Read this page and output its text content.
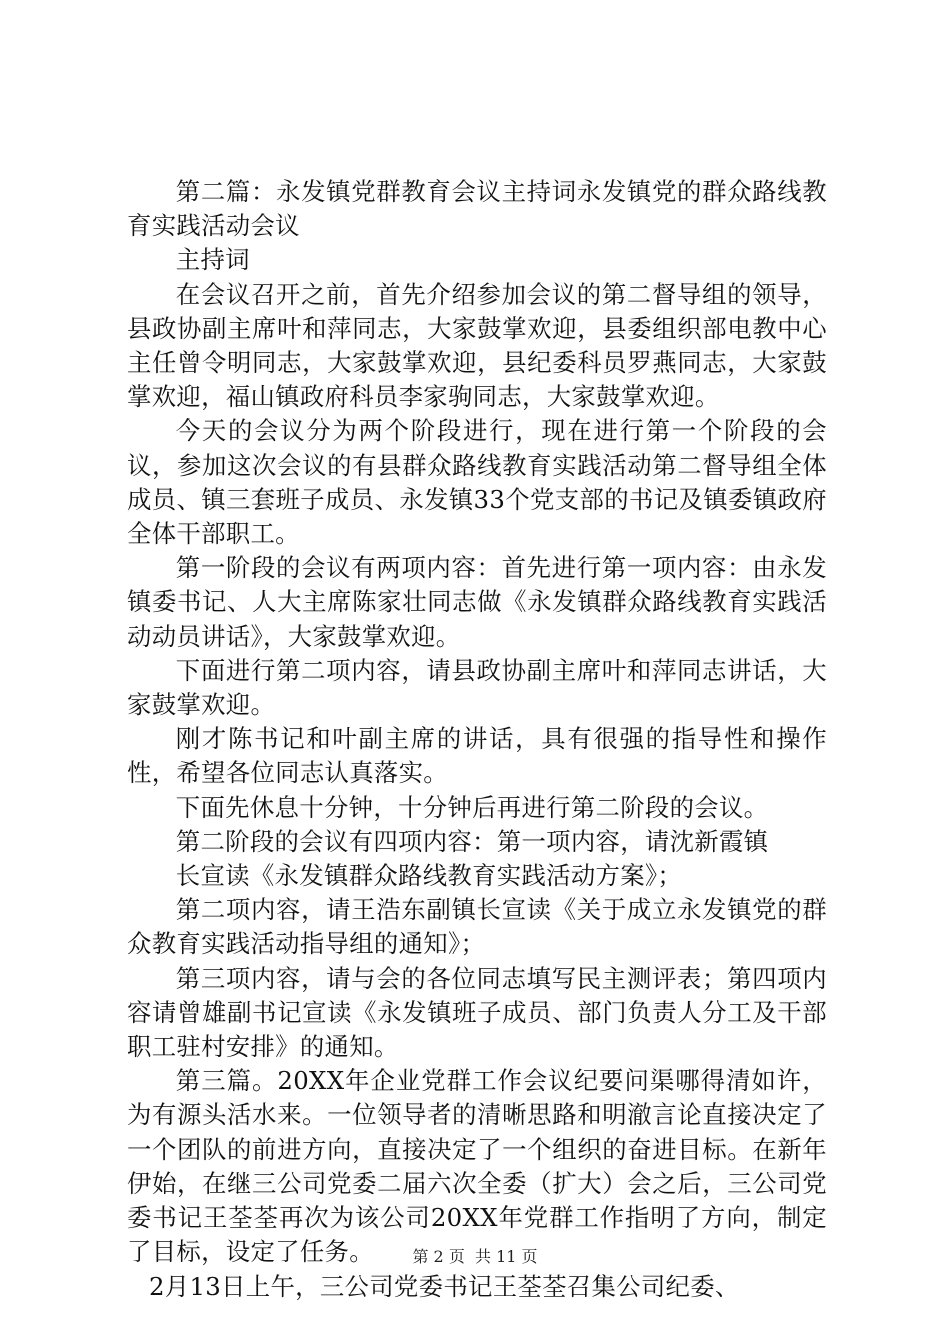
第二篇：永发镇党群教育会议主持词永发镇党的群众路线教育实践活动会议

主持词

在会议召开之前，首先介绍参加会议的第二督导组的领导，县政协副主席叶和萍同志，大家鼓掌欢迎，县委组织部电教中心主任曾令明同志，大家鼓掌欢迎，县纪委科员罗燕同志，大家鼓掌欢迎，福山镇政府科员李家驹同志，大家鼓掌欢迎。

今天的会议分为两个阶段进行，现在进行第一个阶段的会议，参加这次会议的有县群众路线教育实践活动第二督导组全体成员、镇三套班子成员、永发镇33个党支部的书记及镇委镇政府全体干部职工。

第一阶段的会议有两项内容：首先进行第一项内容：由永发镇委书记、人大主席陈家壮同志做《永发镇群众路线教育实践活动动员讲话》，大家鼓掌欢迎。

下面进行第二项内容，请县政协副主席叶和萍同志讲话，大家鼓掌欢迎。

刚才陈书记和叶副主席的讲话，具有很强的指导性和操作性，希望各位同志认真落实。

下面先休息十分钟，十分钟后再进行第二阶段的会议。

第二阶段的会议有四项内容：第一项内容，请沈新霞镇

长宣读《永发镇群众路线教育实践活动方案》；

第二项内容，请王浩东副镇长宣读《关于成立永发镇党的群众教育实践活动指导组的通知》；

第三项内容，请与会的各位同志填写民主测评表；第四项内容请曾雄副书记宣读《永发镇班子成员、部门负责人分工及干部职工驻村安排》的通知。

第三篇。20XX年企业党群工作会议纪要问渠哪得清如许，为有源头活水来。一位领导者的清晰思路和明澈言论直接决定了一个团队的前进方向，直接决定了一个组织的奋进目标。在新年伊始，在继三公司党委二届六次全委（扩大）会之后，三公司党委书记王荃荃再次为该公司20XX年党群工作指明了方向，制定了目标，设定了任务。

2月13日上午，三公司党委书记王荃荃召集公司纪委、

第 2 页  共 11 页
